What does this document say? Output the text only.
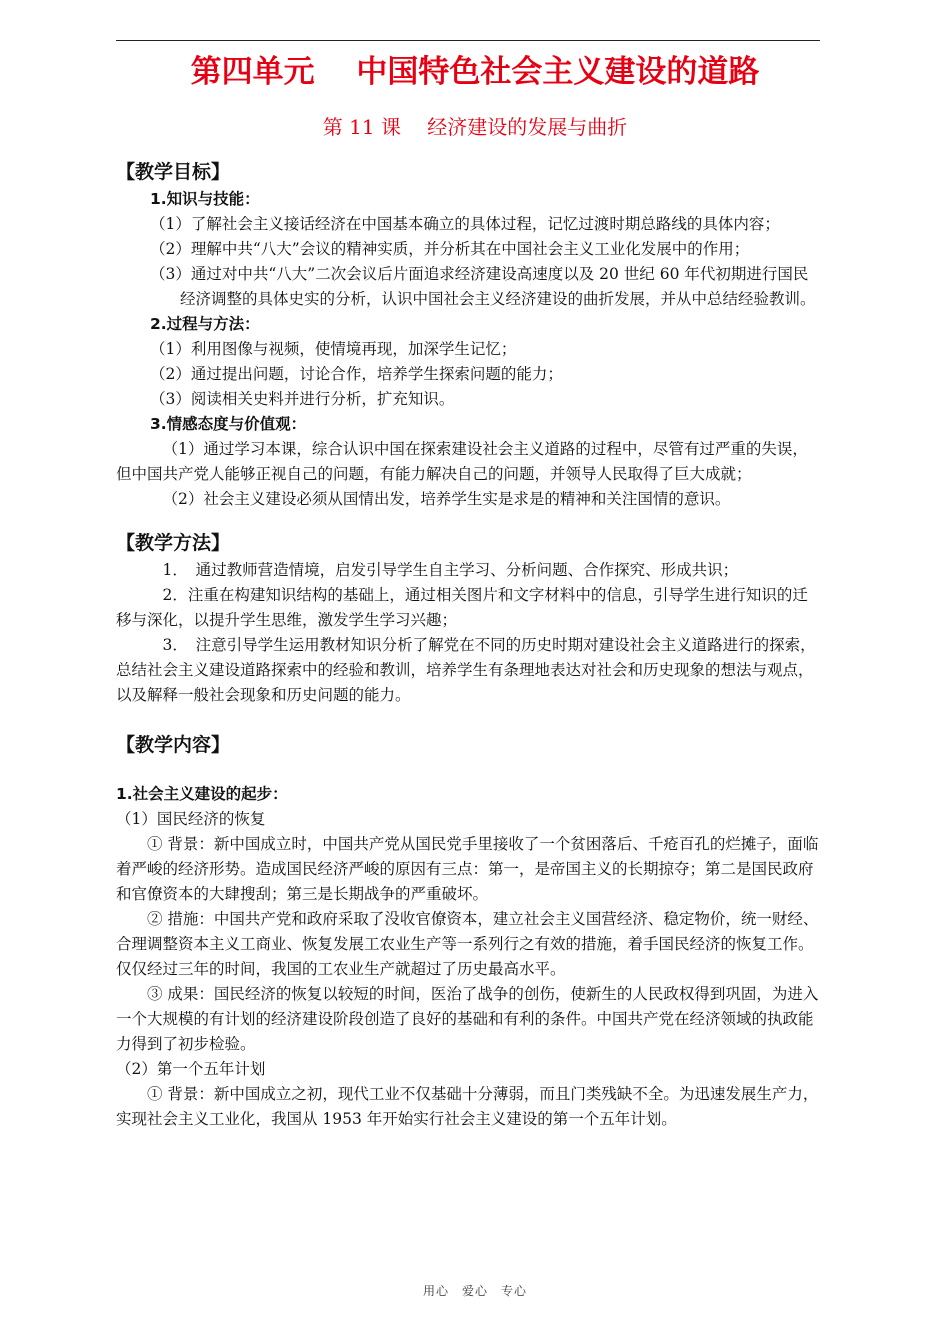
第四单元　 中国特色社会主义建设的道路
第 11 课　 经济建设的发展与曲折
【教学目标】
1.知识与技能：
（1）了解社会主义接话经济在中国基本确立的具体过程，记忆过渡时期总路线的具体内容；
（2）理解中共“八大”会议的精神实质，并分析其在中国社会主义工业化发展中的作用；
（3）通过对中共“八大”二次会议后片面追求经济建设高速度以及 20 世纪 60 年代初期进行国民经济调整的具体史实的分析，认识中国社会主义经济建设的曲折发展，并从中总结经验教训。
2.过程与方法：
（1）利用图像与视频，使情境再现，加深学生记忆；
（2）通过提出问题，讨论合作，培养学生探索问题的能力；
（3）阅读相关史料并进行分析，扩充知识。
3.情感态度与价值观：
（1）通过学习本课，综合认识中国在探索建设社会主义道路的过程中，尽管有过严重的失误，但中国共产党人能够正视自己的问题，有能力解决自己的问题，并领导人民取得了巨大成就；
（2）社会主义建设必须从国情出发，培养学生实是求是的精神和关注国情的意识。
【教学方法】
1．　通过教师营造情境，启发引导学生自主学习、分析问题、合作探究、形成共识；
2．注重在构建知识结构的基础上，通过相关图片和文字材料中的信息，引导学生进行知识的迁移与深化，以提升学生思维，激发学生学习兴趣；
3．　注意引导学生运用教材知识分析了解党在不同的历史时期对建设社会主义道路进行的探索，总结社会主义建设道路探索中的经验和教训，培养学生有条理地表达对社会和历史现象的想法与观点，以及解释一般社会现象和历史问题的能力。
【教学内容】
1.社会主义建设的起步：
（1）国民经济的恢复
① 背景：新中国成立时，中国共产党从国民党手里接收了一个贫困落后、千疮百孔的烂摊子，面临着严峻的经济形势。造成国民经济严峻的原因有三点：第一，是帝国主义的长期掠夺；第二是国民政府和官僚资本的大肆搜刮；第三是长期战争的严重破坏。
② 措施：中国共产党和政府采取了没收官僚资本，建立社会主义国营经济、稳定物价，统一财经、合理调整资本主义工商业、恢复发展工农业生产等一系列行之有效的措施，着手国民经济的恢复工作。仅仅经过三年的时间，我国的工农业生产就超过了历史最高水平。
③ 成果：国民经济的恢复以较短的时间，医治了战争的创伤，使新生的人民政权得到巩固，为进入一个大规模的有计划的经济建设阶段创造了良好的基础和有利的条件。中国共产党在经济领域的执政能力得到了初步检验。
（2）第一个五年计划
① 背景：新中国成立之初，现代工业不仅基础十分薄弱，而且门类残缺不全。为迅速发展生产力，实现社会主义工业化，我国从 1953 年开始实行社会主义建设的第一个五年计划。
用心　爱心　专心
